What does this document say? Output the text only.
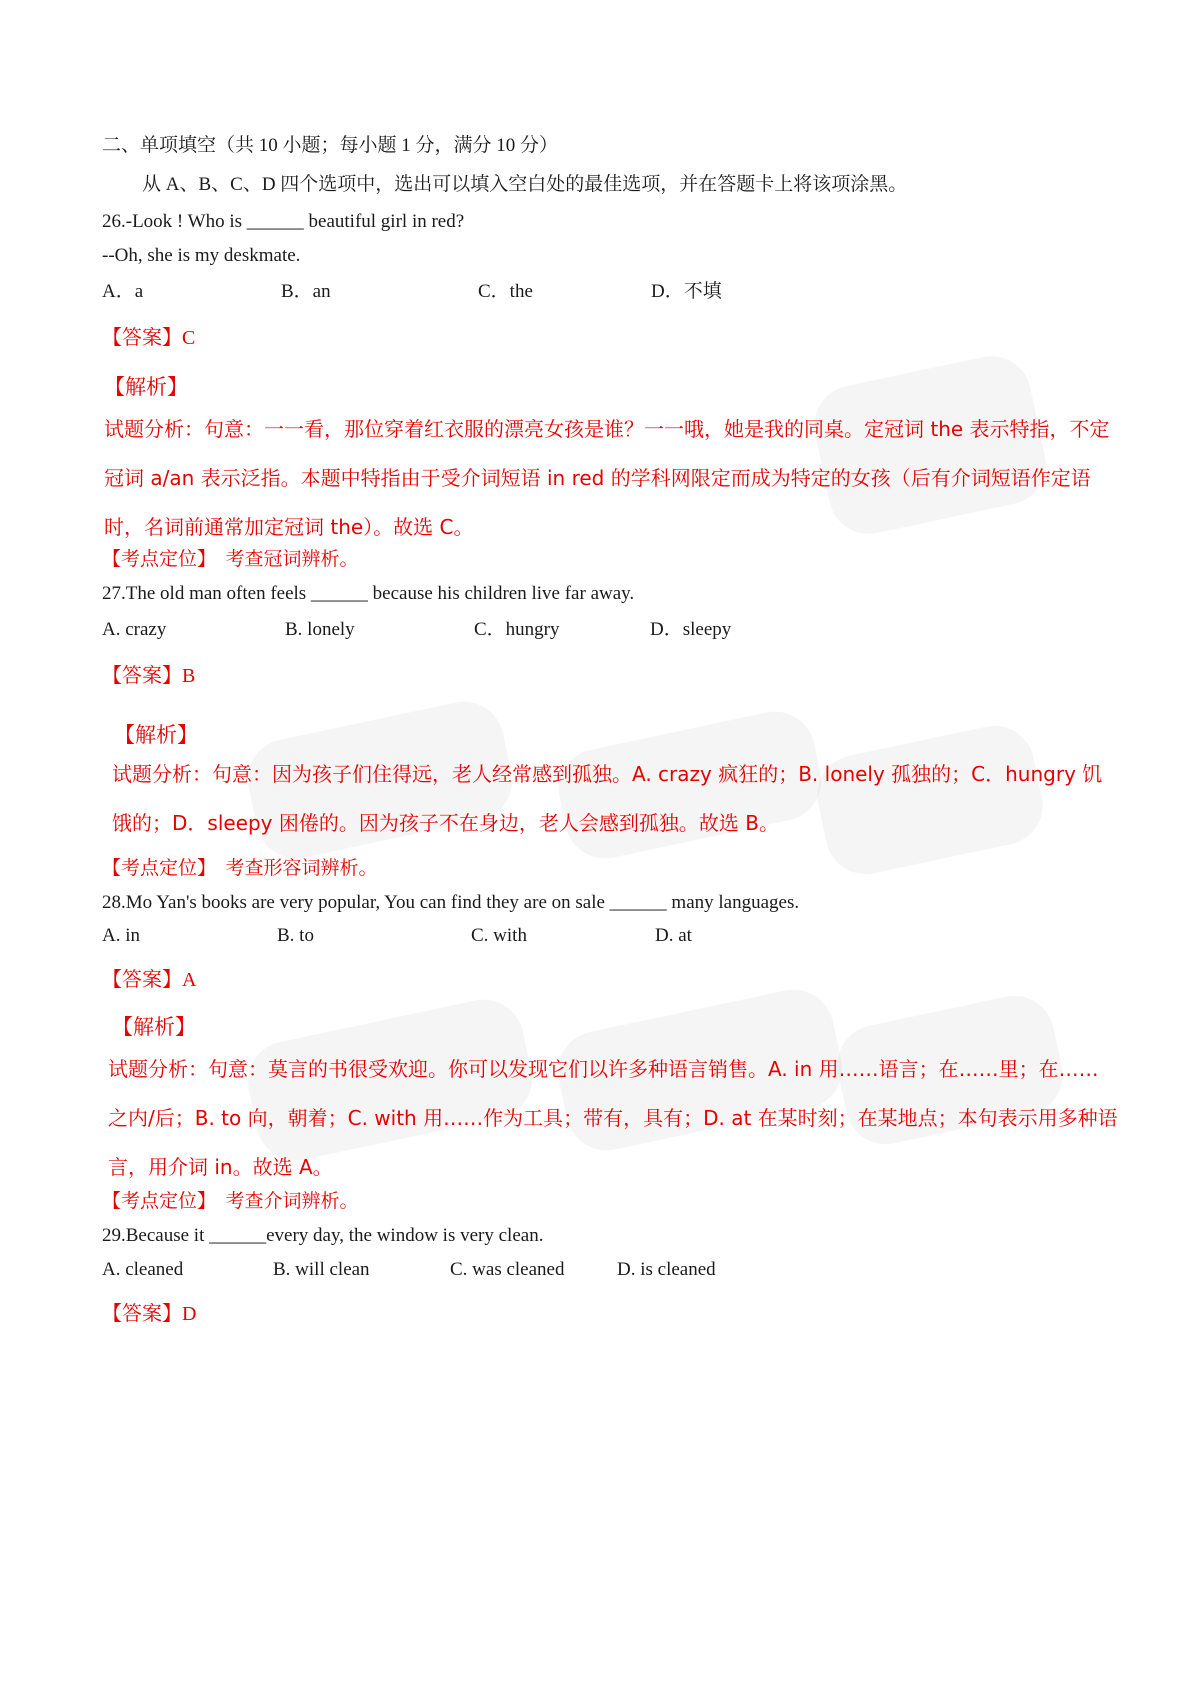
二、单项填空（共 10 小题；每小题 1 分，满分 10 分）
从 A、B、C、D 四个选项中，选出可以填入空白处的最佳选项，并在答题卡上将该项涂黑。
26.-Look ! Who is ______ beautiful girl in red?
--Oh, she is my deskmate.
A．a	B．an	C．the	D．不填
【答案】C
【解析】
试题分析：句意：一一看，那位穿着红衣服的漂亮女孩是谁？一一哦，她是我的同桌。定冠词 the 表示特指，不定冠词 a/an 表示泛指。本题中特指由于受介词短语 in red 的学科网限定而成为特定的女孩（后有介词短语作定语时，名词前通常加定冠词 the）。故选 C。
【考点定位】 考查冠词辨析。
27.The old man often feels ______ because his children live far away.
A. crazy	B. lonely	C．hungry	D．sleepy
【答案】B
【解析】
试题分析：句意：因为孩子们住得远，老人经常感到孤独。A. crazy 疯狂的；B. lonely 孤独的；C．hungry 饥饿的；D．sleepy 困倦的。因为孩子不在身边，老人会感到孤独。故选 B。
【考点定位】 考查形容词辨析。
28.Mo Yan's books are very popular, You can find they are on sale ______ many languages.
A. in	B. to	C. with	D. at
【答案】A
【解析】
试题分析：句意：莫言的书很受欢迎。你可以发现它们以许多种语言销售。A. in 用……语言；在……里；在……之内/后；B. to 向，朝着；C. with 用……作为工具；带有，具有；D. at 在某时刻；在某地点；本句表示用多种语言，用介词 in。故选 A。
【考点定位】 考查介词辨析。
29.Because it ______every day, the window is very clean.
A. cleaned	B. will clean	C. was cleaned	D. is cleaned
【答案】D
